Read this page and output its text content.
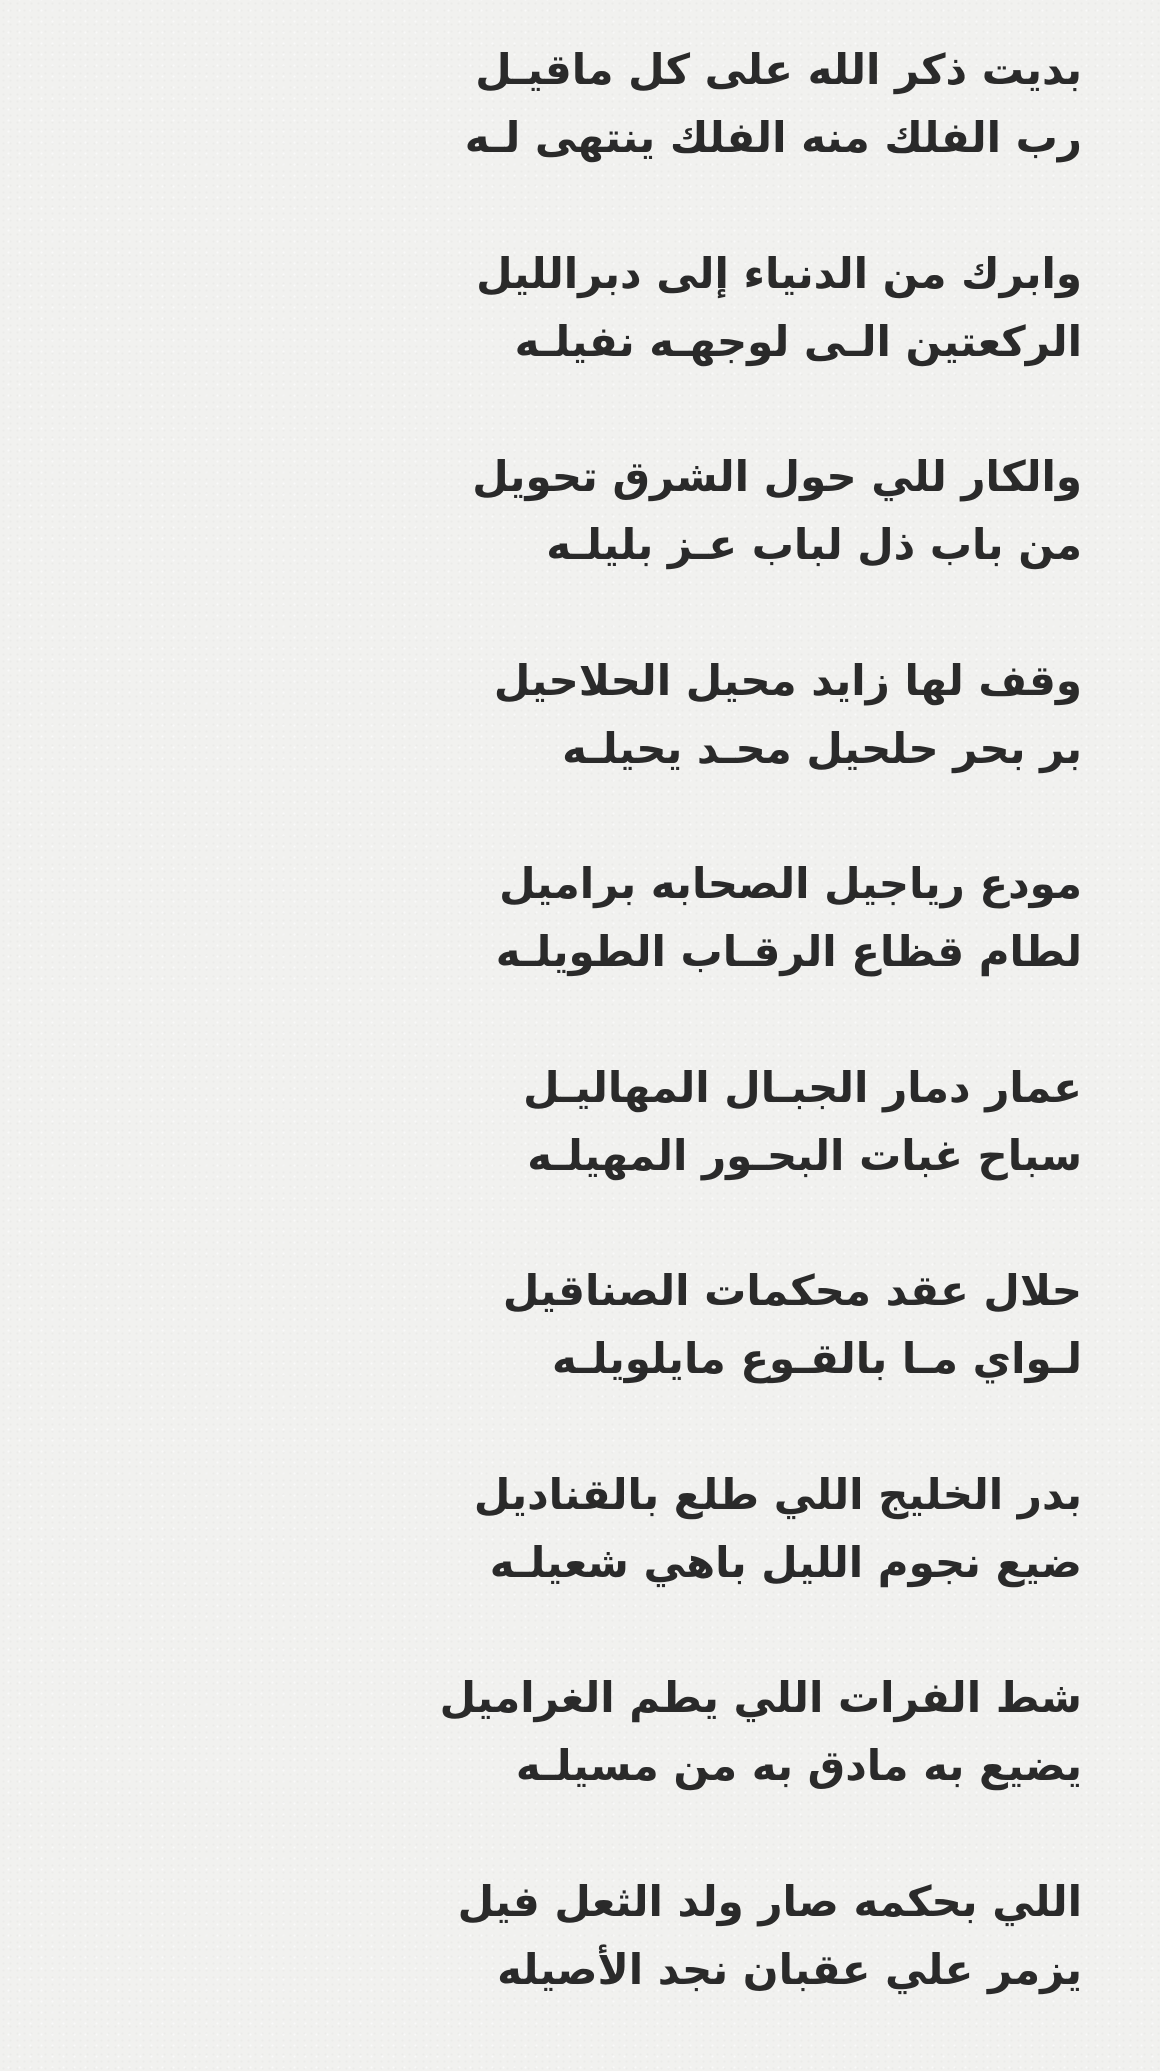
بديت ذكر الله على كل ماقيـل
رب الفلك منه الفلك ينتهى لـه
وابرك من الدنياء إلى دبرالليل
الركعتين الـى لوجهـه نفيلـه
والكار للي حول الشرق تحويل
من باب ذل لباب عـز بليلـه
وقف لها زايد محيل الحلاحيل
بر بحر حلحيل محـد يحيلـه
مودع رياجيل الصحابه براميل
لطام قظاع الرقـاب الطويلـه
عمار دمار الجبـال المهاليـل
سباح غبات البحـور المهيلـه
حلال عقد محكمات الصناقيل
لـواي مـا بالقـوع مايلويلـه
بدر الخليج اللي طلع بالقناديل
ضيع نجوم الليل باهي شعيلـه
شط الفرات اللي يطم الغراميل
يضيع به مادق به من مسيلـه
اللي بحكمه صار ولد الثعل فيل
يزمر علي عقبان نجد الأصيله
